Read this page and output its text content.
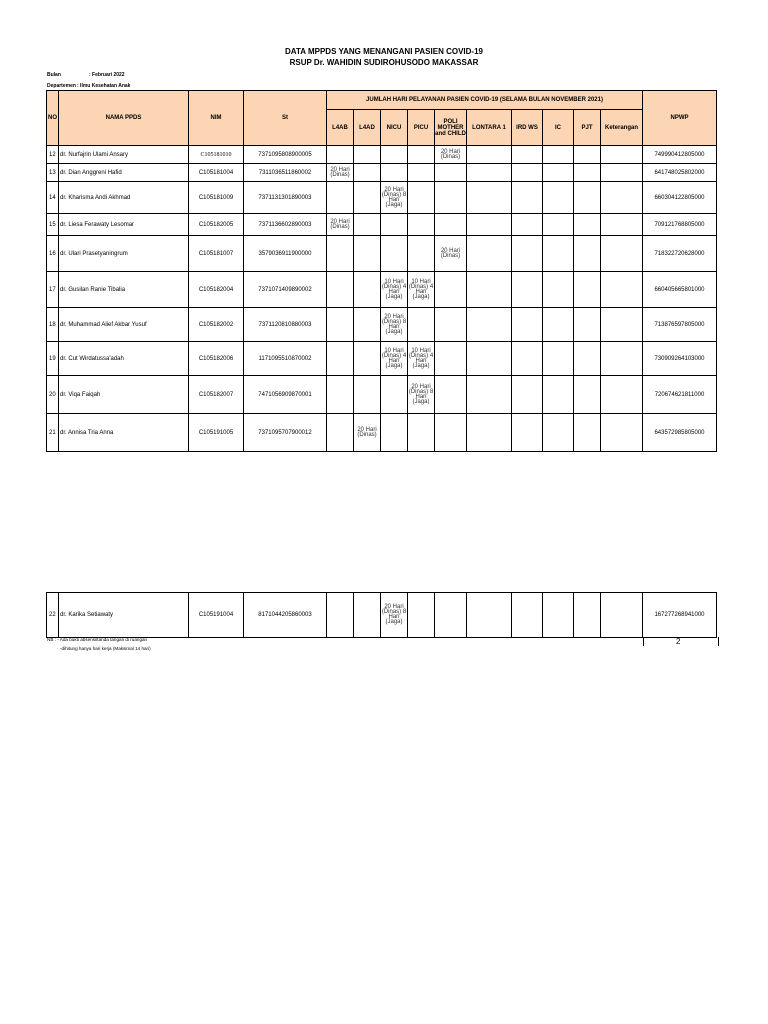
DATA MPPDS YANG MENANGANI PASIEN COVID-19
RSUP Dr. WAHIDIN SUDIROHUSODO MAKASSAR
Bulan	: Februari 2022
Departemen: Ilmu Kesehatan Anak
NO	NAMA PPDS	NIM	St	JUMLAH HARI PELAYANAN PASIEN COVID-19 (SELAMA BULAN NOVEMBER 2021)										NPWP
				L4AB	L4AD	NICU	PICU	POLI MOTHER and CHILD	LONTARA 1	IRD WS	IC	PJT	Keterangan	
12	dr. Nurfajrin Ulami Ansary	C105181010	7371095808900005					20 Hari (Dinas)						749990412805000
13	dr. Dian Anggreni Hafid	C105181004	7311036511860002	20 Hari (Dinas)										641748025802000
14	dr. Kharisma Andi Akhmad	C105181009	7371131301890003			20 Hari (Dinas) 8 Hari (Jaga)								660304122805000
15	dr. Liesa Ferawaty Lesomar	C105182005	7371136602890003	20 Hari (Dinas)										709121768805000
16	dr. Ulari Prasetyaningrum	C105181007	3579036911900000					20 Hari (Dinas)						718322720628000
17	dr. Gusilan Ranie Tibalia	C105182004	7371071409890002			10 Hari (Dinas) 4 Hari (Jaga)	10 Hari (Dinas) 4 Hari (Jaga)							660405665801000
18	dr. Muhammad Alief Akbar Yusuf	C105182002	7371120810880003			20 Hari (Dinas) 8 Hari (Jaga)								713876597805000
19	dr. Cut Wirdatussa'adah	C105182006	1171095510870002			10 Hari (Dinas) 4 Hari (Jaga)	10 Hari (Dinas) 4 Hari (Jaga)							730909264103000
20	dr. Viqa Faiqah	C105182007	7471056909870001				20 Hari (Dinas) 8 Hari (Jaga)							720674621811000
21	dr. Annisa Tria Anna	C105191005	7371095707900012		20 Hari (Dinas)									643572985805000
22	dr. Karika Setiawaty	C105191004	8171044205860003			20 Hari (Dinas) 8 Hari (Jaga)								167277268941000
NB : - Ada bukti absensi/tanda tangan di ruangan
-dihitung hanya hari kerja (Maksimal 14 hari)
2
